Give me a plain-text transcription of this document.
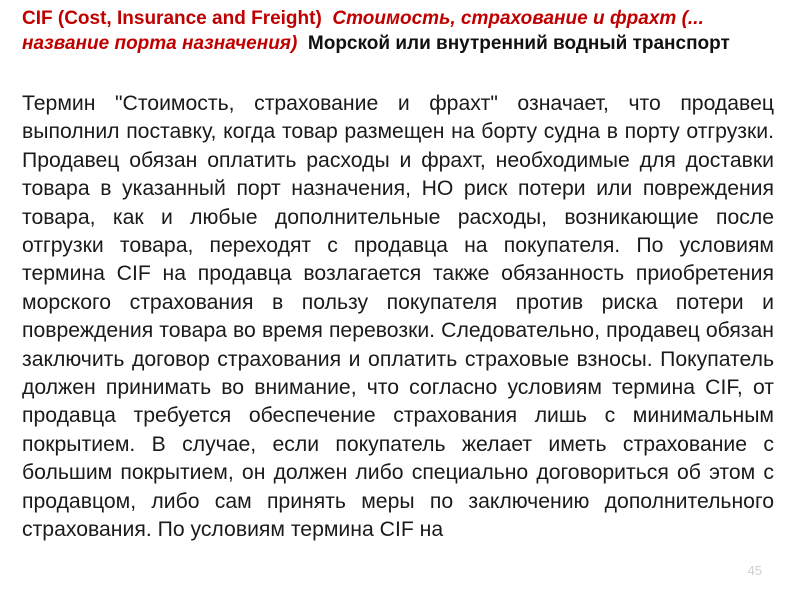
CIF (Cost, Insurance and Freight) Стоимость, страхование и фрахт (... название порта назначения) Морской или внутренний водный транспорт

Термин "Стоимость, страхование и фрахт" означает, что продавец выполнил поставку, когда товар размещен на борту судна в порту отгрузки. Продавец обязан оплатить расходы и фрахт, необходимые для доставки товара в указанный порт назначения, НО риск потери или повреждения товара, как и любые дополнительные расходы, возникающие после отгрузки товара, переходят с продавца на покупателя. По условиям термина CIF на продавца возлагается также обязанность приобретения морского страхования в пользу покупателя против риска потери и повреждения товара во время перевозки. Следовательно, продавец обязан заключить договор страхования и оплатить страховые взносы. Покупатель должен принимать во внимание, что согласно условиям термина CIF, от продавца требуется обеспечение страхования лишь с минимальным покрытием. В случае, если покупатель желает иметь страхование с большим покрытием, он должен либо специально договориться об этом с продавцом, либо сам принять меры по заключению дополнительного страхования. По условиям термина CIF на

45
